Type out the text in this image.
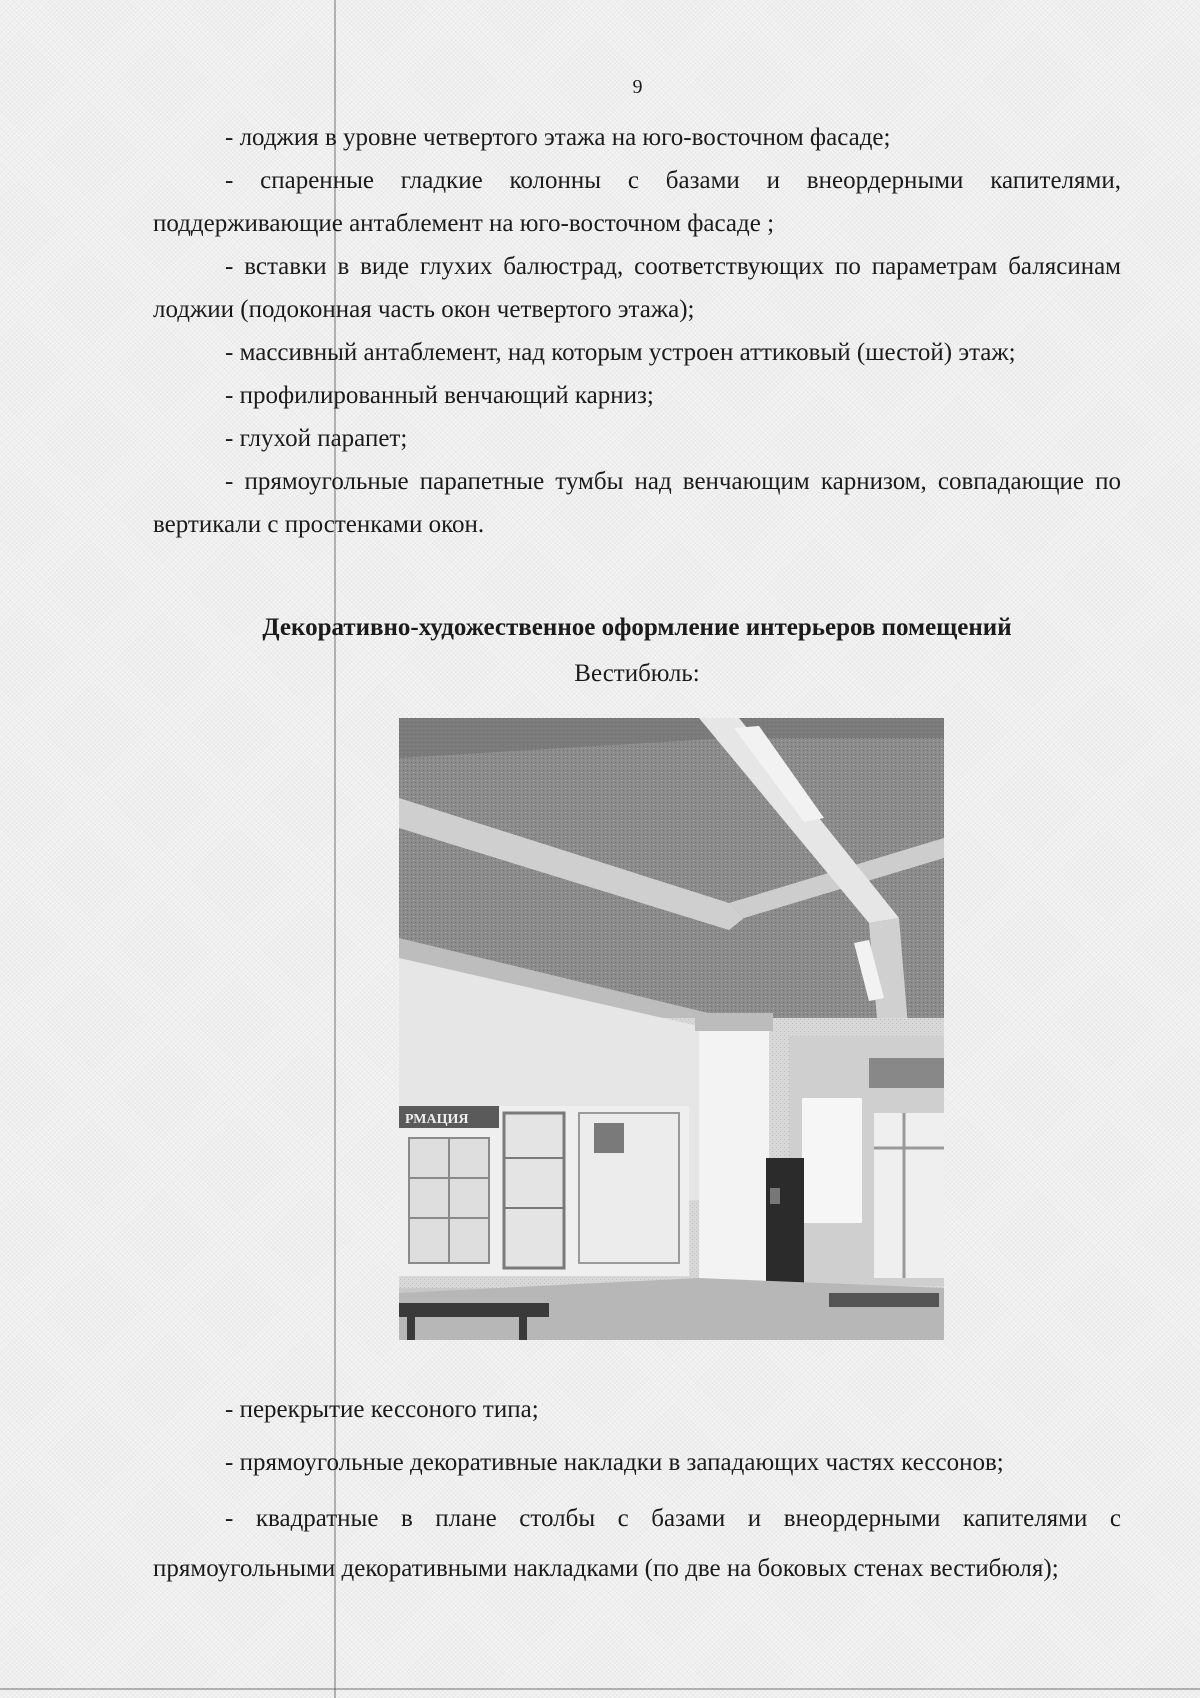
9

- лоджия в уровне четвертого этажа на юго-восточном фасаде;

- спаренные гладкие колонны с базами и внеордерными капителями, поддерживающие антаблемент на юго-восточном фасаде ;

- вставки в виде глухих балюстрад, соответствующих по параметрам балясинам лоджии (подоконная часть окон четвертого этажа);

- массивный антаблемент, над которым устроен аттиковый (шестой) этаж;

- профилированный венчающий карниз;

- глухой парапет;

- прямоугольные парапетные тумбы над венчающим карнизом, совпадающие по вертикали с простенками окон.

Декоративно-художественное оформление интерьеров помещений
Вестибюль:
РМАЦИЯ

- перекрытие кессоного типа;

- прямоугольные декоративные накладки в западающих частях кессонов;

- квадратные в плане столбы с базами и внеордерными капителями с прямоугольными декоративными накладками (по две на боковых стенах вестибюля);
